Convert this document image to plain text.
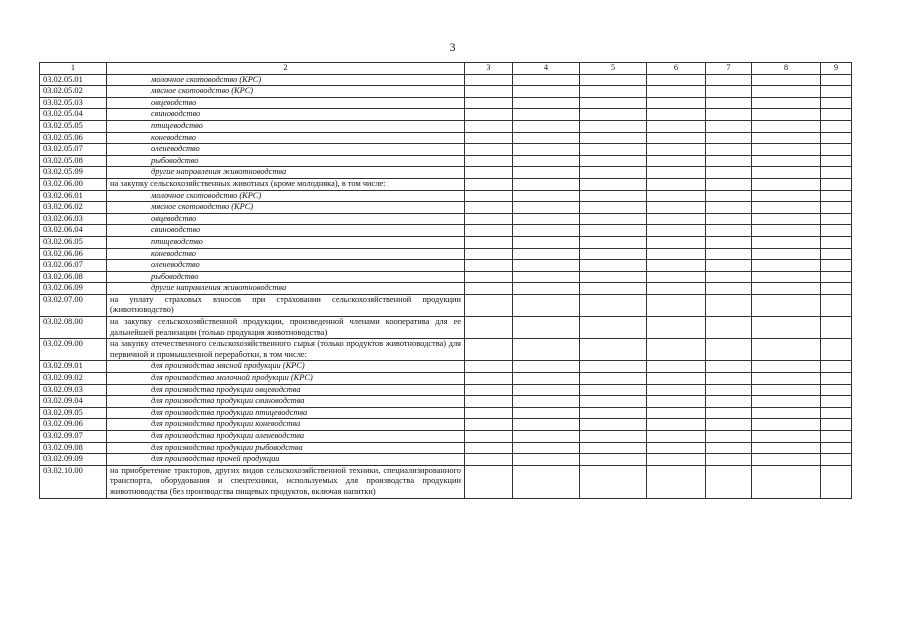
3
1	2	3	4	5	6	7	8	9
03.02.05.01	молочное скотоводство (КРС)							
03.02.05.02	мясное скотоводство (КРС)							
03.02.05.03	овцеводство							
03.02.05.04	свиноводство							
03.02.05.05	птицеводство							
03.02.05.06	коневодство							
03.02.05.07	оленеводство							
03.02.05.08	рыбоводство							
03.02.05.09	другие направления животноводства							
03.02.06.00	на закупку сельскохозяйственных животных (кроме молодняка), в том числе:							
03.02.06.01	молочное скотоводство (КРС)							
03.02.06.02	мясное скотоводство (КРС)							
03.02.06.03	овцеводство							
03.02.06.04	свиноводство							
03.02.06.05	птицеводство							
03.02.06.06	коневодство							
03.02.06.07	оленеводство							
03.02.06.08	рыбоводство							
03.02.06.09	другие направления животноводства							
03.02.07.00	на уплату страховых взносов при страховании сельскохозяйственной продукции (животноводство)							
03.02.08.00	на закупку сельскохозяйственной продукции, произведенной членами кооператива для ее дальнейшей реализации (только продукция животноводства)							
03.02.09.00	на закупку отечественного сельскохозяйственного сырья (только продуктов животноводства) для первичной и промышленной переработки, в том числе:							
03.02.09.01	для производства мясной продукции (КРС)							
03.02.09.02	для производства молочной продукции (КРС)							
03.02.09.03	для производства продукции овцеводства							
03.02.09.04	для производства продукции свиноводства							
03.02.09.05	для производства продукции птицеводства							
03.02.09.06	для производства продукции коневодства							
03.02.09.07	для производства продукции оленеводства							
03.02.09.08	для производства продукции рыбоводства							
03.02.09.09	для производства прочей продукции							
03.02.10.00	на приобретение тракторов, других видов сельскохозяйственной техники, специализированного транспорта, оборудования и спецтехники, используемых для производства продукции животноводства (без производства пищевых продуктов, включая напитки)							
